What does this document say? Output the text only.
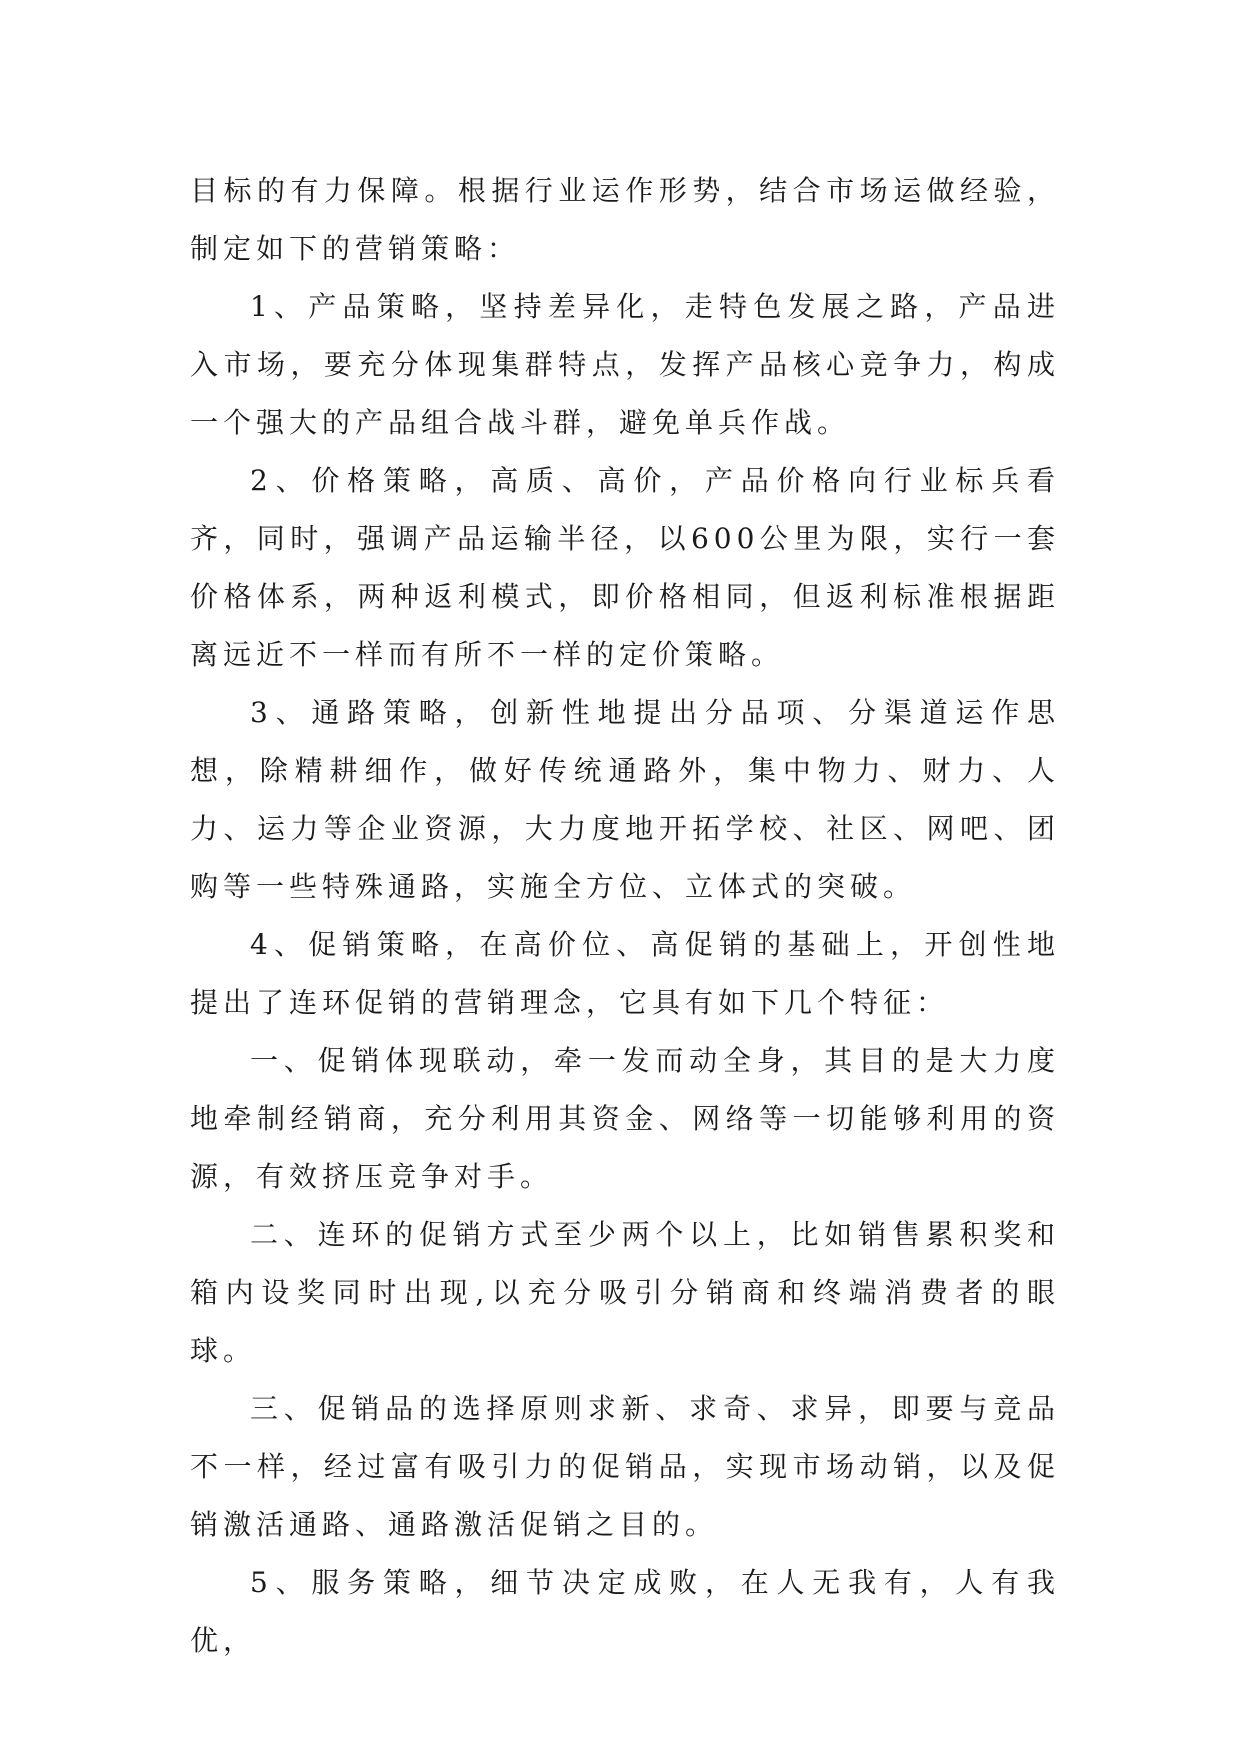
目标的有力保障。根据行业运作形势，结合市场运做经验，制定如下的营销策略：

1、产品策略，坚持差异化，走特色发展之路，产品进入市场，要充分体现集群特点，发挥产品核心竞争力，构成一个强大的产品组合战斗群，避免单兵作战。

2、价格策略，高质、高价，产品价格向行业标兵看齐，同时，强调产品运输半径，以600公里为限，实行一套价格体系，两种返利模式，即价格相同，但返利标准根据距离远近不一样而有所不一样的定价策略。

3、通路策略，创新性地提出分品项、分渠道运作思想，除精耕细作，做好传统通路外，集中物力、财力、人力、运力等企业资源，大力度地开拓学校、社区、网吧、团购等一些特殊通路，实施全方位、立体式的突破。

4、促销策略，在高价位、高促销的基础上，开创性地提出了连环促销的营销理念，它具有如下几个特征：

一、促销体现联动，牵一发而动全身，其目的是大力度地牵制经销商，充分利用其资金、网络等一切能够利用的资源，有效挤压竞争对手。

二、连环的促销方式至少两个以上，比如销售累积奖和箱内设奖同时出现,以充分吸引分销商和终端消费者的眼球。

三、促销品的选择原则求新、求奇、求异，即要与竞品不一样，经过富有吸引力的促销品，实现市场动销，以及促销激活通路、通路激活促销之目的。

5、服务策略，细节决定成败，在人无我有，人有我优，
